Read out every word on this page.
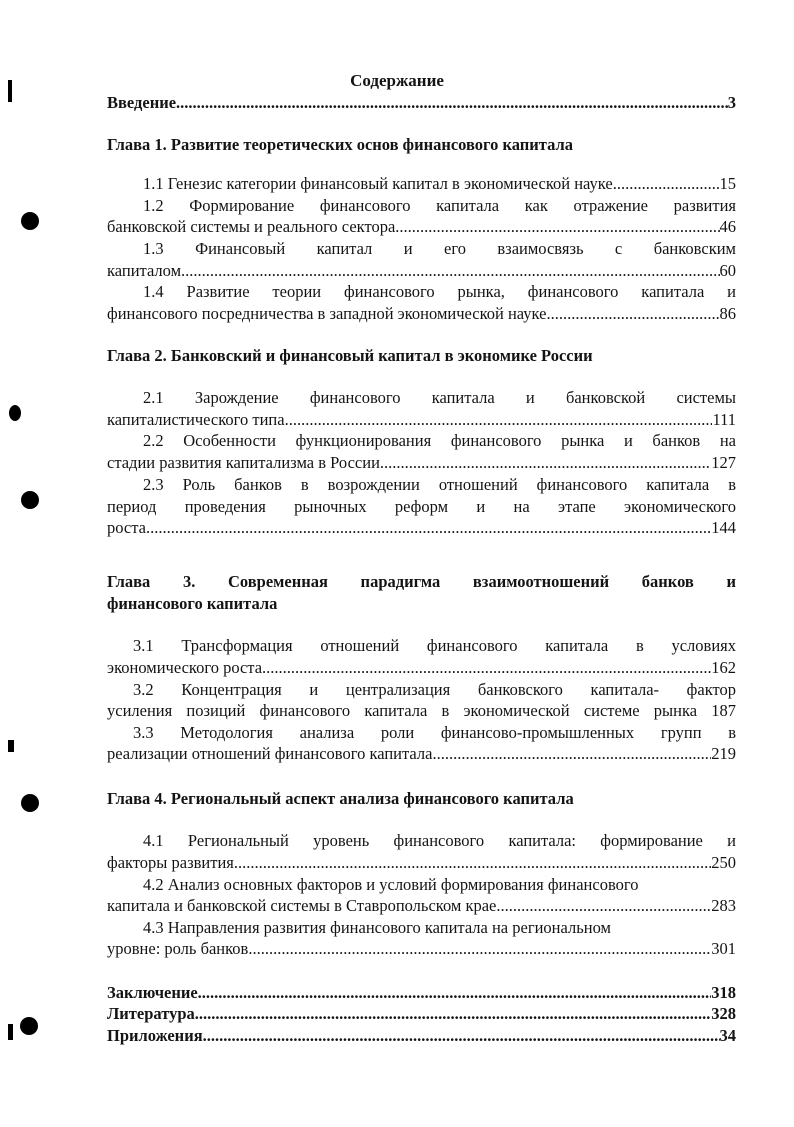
Содержание
Введение .....	3
Глава 1. Развитие теоретических основ финансового капитала
1.1 Генезис категории финансовый капитал в экономической науке .....	15
1.2 Формирование финансового капитала как отражение развития
банковской системы и реального сектора .....	46
1.3 Финансовый капитал и его взаимосвязь с банковским
капиталом .....	60
1.4 Развитие теории финансового рынка, финансового капитала и
финансового посредничества в западной экономической науке .....	86
Глава 2. Банковский и финансовый капитал в экономике России
2.1 Зарождение финансового капитала и банковской системы
капиталистического типа .....	111
2.2 Особенности функционирования финансового рынка и банков на
стадии развития капитализма в России .....	127
2.3 Роль банков в возрождении отношений финансового капитала в
период проведения рыночных реформ и на этапе экономического
роста .....	144
Глава 3. Современная парадигма взаимоотношений банков и
финансового капитала
3.1 Трансформация отношений финансового капитала в условиях
экономического роста .....	162
3.2 Концентрация и централизация банковского капитала- фактор
усиления позиций финансового капитала в экономической системе рынка 187
3.3 Методология анализа роли финансово-промышленных групп в
реализации отношений финансового капитала .....	219
Глава 4. Региональный аспект анализа финансового капитала
4.1 Региональный уровень финансового капитала: формирование и
факторы развития .....	250
4.2 Анализ основных факторов и условий формирования финансового
капитала и банковской системы в Ставропольском крае .....	283
4.3 Направления развития финансового капитала на региональном
уровне: роль банков .....	301
Заключение .....	318
Литература .....	328
Приложения .....	34
